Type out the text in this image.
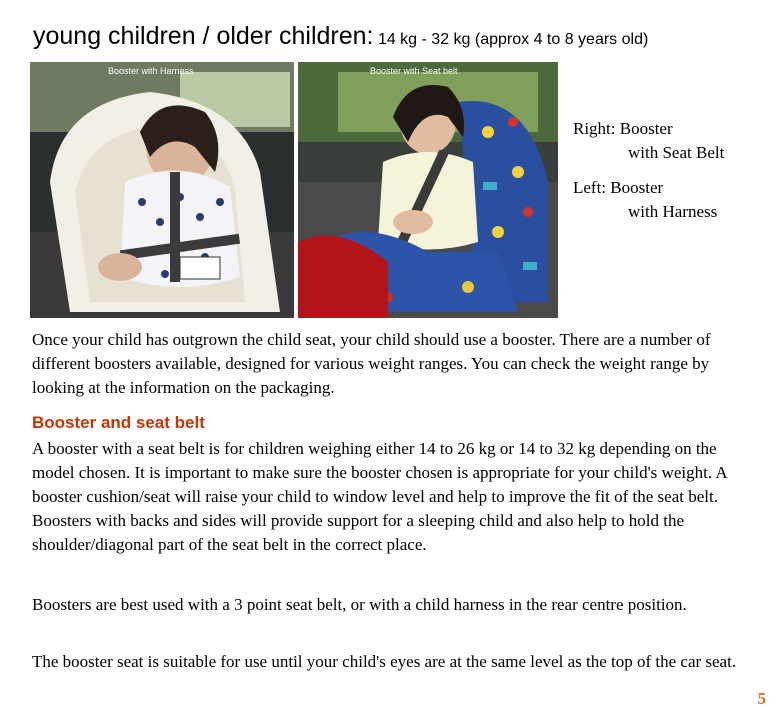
young children / older children: 14 kg - 32 kg (approx 4 to 8 years old)
Booster with Harness	Booster with Seat belt
Right: Booster
with Seat Belt
Left: Booster
with Harness

Once your child has outgrown the child seat, your child should use a booster. There are a number of different boosters available, designed for various weight ranges. You can check the weight range by looking at the information on the packaging.

Booster and seat belt

A booster with a seat belt is for children weighing either 14 to 26 kg or 14 to 32 kg depending on the model chosen. It is important to make sure the booster chosen is appropriate for your child's weight. A booster cushion/seat will raise your child to window level and help to improve the fit of the seat belt. Boosters with backs and sides will provide support for a sleeping child and also help to hold the shoulder/diagonal part of the seat belt in the correct place.

Boosters are best used with a 3 point seat belt, or with a child harness in the rear centre position.

The booster seat is suitable for use until your child's eyes are at the same level as the top of the car seat.

5
